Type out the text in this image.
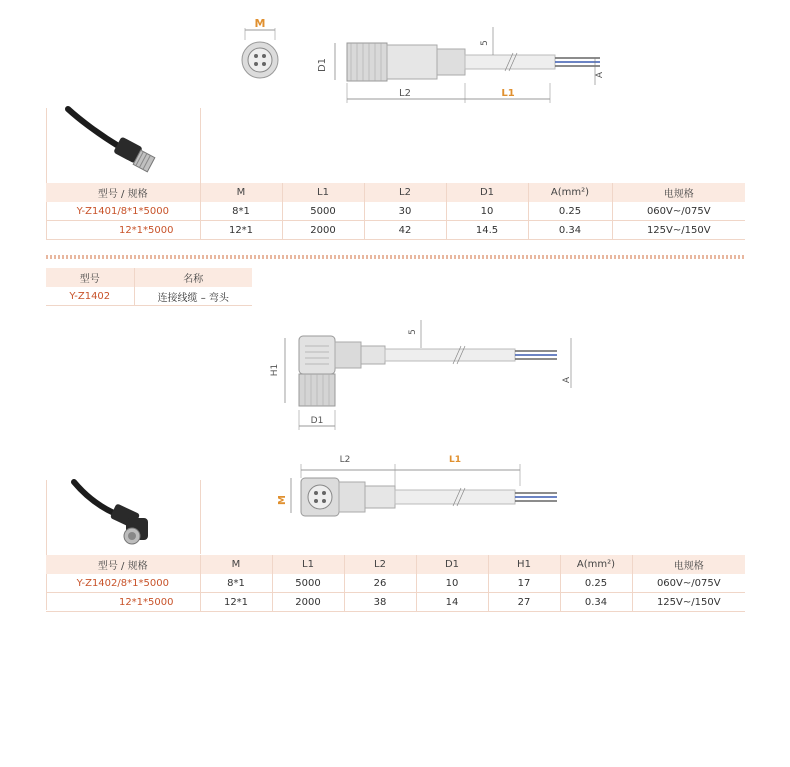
M
D1
5
A
L2	L1
型号 / 规格	M	L1	L2	D1	A(mm²)	电规格
Y-Z1401/8*1*5000	8*1	5000	30	10	0.25	060V~/075V
12*1*5000	12*1	2000	42	14.5	0.34	125V~/150V
型号	名称
Y-Z1402	连接线缆 – 弯头
H1
5
A
D1
M
L2	L1
型号 / 规格	M	L1	L2	D1	H1	A(mm²)	电规格
Y-Z1402/8*1*5000	8*1	5000	26	10	17	0.25	060V~/075V
12*1*5000	12*1	2000	38	14	27	0.34	125V~/150V
